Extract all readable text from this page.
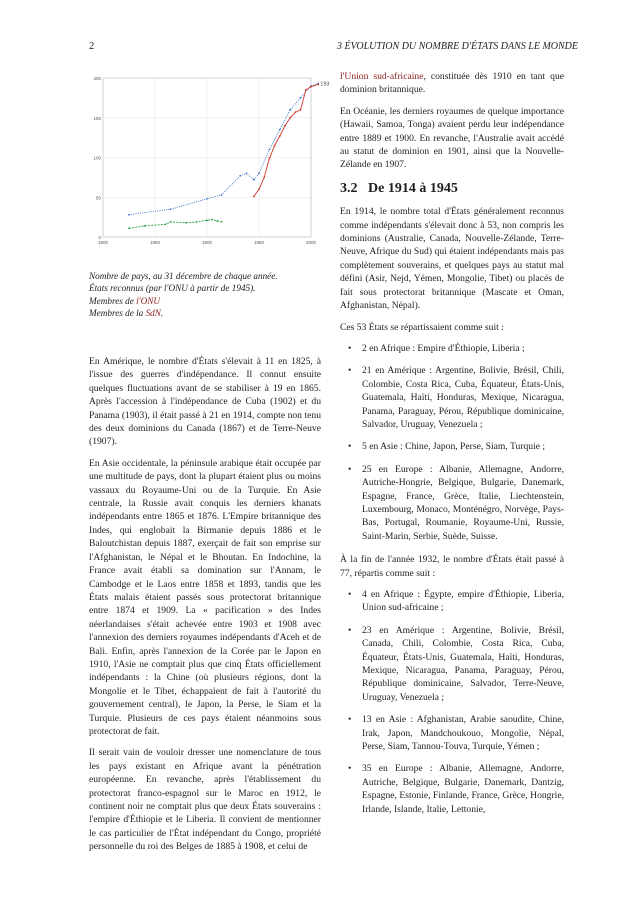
2	3 ÉVOLUTION DU NOMBRE D'ÉTATS DANS LE MONDE
0
50
100
150
200
1800	1850	1900	1950	2000
193
Nombre de pays, au 31 décembre de chaque année.
États reconnus (par l'ONU à partir de 1945).
Membres de l'ONU
Membres de la SdN.

En Amérique, le nombre d'États s'élevait à 11 en 1825, à l'issue des guerres d'indépendance. Il connut ensuite quelques fluctuations avant de se stabiliser à 19 en 1865. Après l'accession à l'indépendance de Cuba (1902) et du Panama (1903), il était passé à 21 en 1914, compte non tenu des deux dominions du Canada (1867) et de Terre-Neuve (1907).

En Asie occidentale, la péninsule arabique était occupée par une multitude de pays, dont la plupart étaient plus ou moins vassaux du Royaume-Uni ou de la Turquie. En Asie centrale, la Russie avait conquis les derniers khanats indépendants entre 1865 et 1876. L'Empire britannique des Indes, qui englobait la Birmanie depuis 1886 et le Baloutchistan depuis 1887, exerçait de fait son emprise sur l'Afghanistan, le Népal et le Bhoutan. En Indochine, la France avait établi sa domination sur l'Annam, le Cambodge et le Laos entre 1858 et 1893, tandis que les États malais étaient passés sous protectorat britannique entre 1874 et 1909. La « pacification » des Indes néerlandaises s'était achevée entre 1903 et 1908 avec l'annexion des derniers royaumes indépendants d'Aceh et de Bali. Enfin, après l'annexion de la Corée par le Japon en 1910, l'Asie ne comptait plus que cinq États officiellement indépendants : la Chine (où plusieurs régions, dont la Mongolie et le Tibet, échappaient de fait à l'autorité du gouvernement central), le Japon, la Perse, le Siam et la Turquie. Plusieurs de ces pays étaient néanmoins sous protectorat de fait.

Il serait vain de vouloir dresser une nomenclature de tous les pays existant en Afrique avant la pénétration européenne. En revanche, après l'établissement du protectorat franco-espagnol sur le Maroc en 1912, le continent noir ne comptait plus que deux États souverains : l'empire d'Éthiopie et le Liberia. Il convient de mentionner le cas particulier de l'État indépendant du Congo, propriété personnelle du roi des Belges de 1885 à 1908, et celui de

l'Union sud-africaine, constituée dès 1910 en tant que dominion britannique.

En Océanie, les derniers royaumes de quelque importance (Hawaii, Samoa, Tonga) avaient perdu leur indépendance entre 1889 et 1900. En revanche, l'Australie avait accédé au statut de dominion en 1901, ainsi que la Nouvelle-Zélande en 1907.

3.2 De 1914 à 1945

En 1914, le nombre total d'États généralement reconnus comme indépendants s'élevait donc à 53, non compris les dominions (Australie, Canada, Nouvelle-Zélande, Terre-Neuve, Afrique du Sud) qui étaient indépendants mais pas complètement souverains, et quelques pays au statut mal défini (Asir, Nejd, Yémen, Mongolie, Tibet) ou placés de fait sous protectorat britannique (Mascate et Oman, Afghanistan, Népal).

Ces 53 États se répartissaient comme suit :

• 2 en Afrique : Empire d'Éthiopie, Liberia ;
• 21 en Amérique : Argentine, Bolivie, Brésil, Chili, Colombie, Costa Rica, Cuba, Équateur, États-Unis, Guatemala, Haïti, Honduras, Mexique, Nicaragua, Panama, Paraguay, Pérou, République dominicaine, Salvador, Uruguay, Venezuela ;
• 5 en Asie : Chine, Japon, Perse, Siam, Turquie ;
• 25 en Europe : Albanie, Allemagne, Andorre, Autriche-Hongrie, Belgique, Bulgarie, Danemark, Espagne, France, Grèce, Italie, Liechtenstein, Luxembourg, Monaco, Monténégro, Norvège, Pays-Bas, Portugal, Roumanie, Royaume-Uni, Russie, Saint-Marin, Serbie, Suède, Suisse.

À la fin de l'année 1932, le nombre d'États était passé à 77, répartis comme suit :

• 4 en Afrique : Égypte, empire d'Éthiopie, Liberia, Union sud-africaine ;
• 23 en Amérique : Argentine, Bolivie, Brésil, Canada, Chili, Colombie, Costa Rica, Cuba, Équateur, États-Unis, Guatemala, Haïti, Honduras, Mexique, Nicaragua, Panama, Paraguay, Pérou, République dominicaine, Salvador, Terre-Neuve, Uruguay, Venezuela ;
• 13 en Asie : Afghanistan, Arabie saoudite, Chine, Irak, Japon, Mandchoukouo, Mongolie, Népal, Perse, Siam, Tannou-Touva, Turquie, Yémen ;
• 35 en Europe : Albanie, Allemagne, Andorre, Autriche, Belgique, Bulgarie, Danemark, Dantzig, Espagne, Estonie, Finlande, France, Grèce, Hongrie, Irlande, Islande, Italie, Lettonie,
